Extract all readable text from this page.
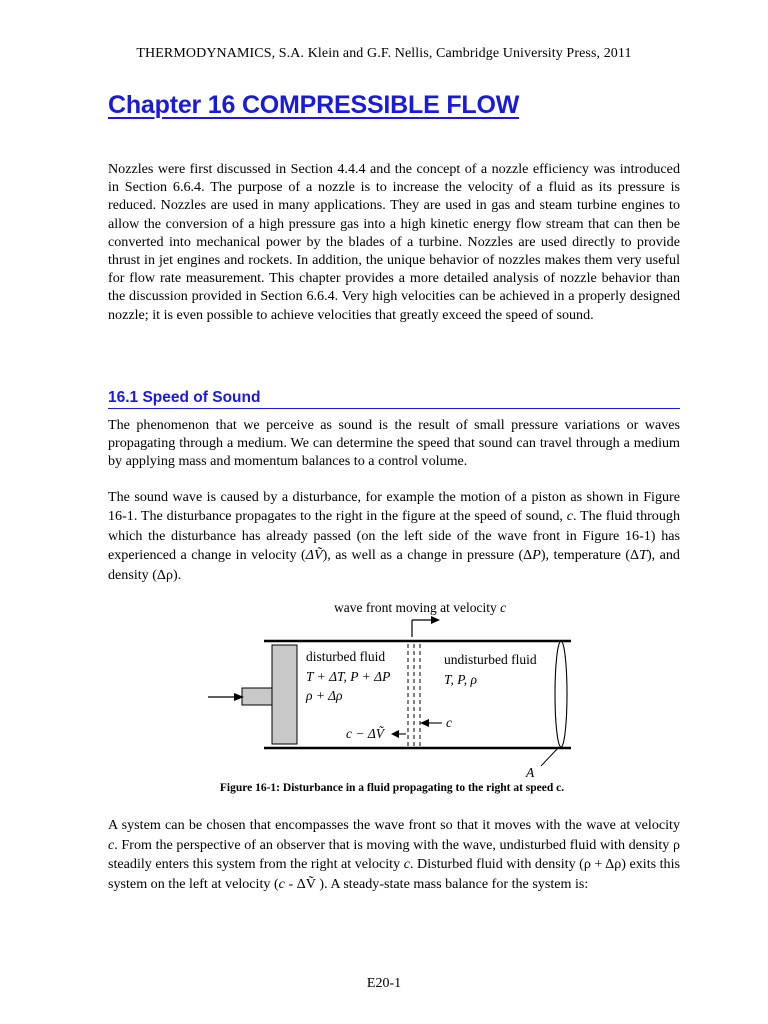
THERMODYNAMICS, S.A. Klein and G.F. Nellis, Cambridge University Press, 2011
Chapter 16 COMPRESSIBLE FLOW

Nozzles were first discussed in Section 4.4.4 and the concept of a nozzle efficiency was introduced in Section 6.6.4. The purpose of a nozzle is to increase the velocity of a fluid as its pressure is reduced. Nozzles are used in many applications. They are used in gas and steam turbine engines to allow the conversion of a high pressure gas into a high kinetic energy flow stream that can then be converted into mechanical power by the blades of a turbine. Nozzles are used directly to provide thrust in jet engines and rockets. In addition, the unique behavior of nozzles makes them very useful for flow rate measurement. This chapter provides a more detailed analysis of nozzle behavior than the discussion provided in Section 6.6.4. Very high velocities can be achieved in a properly designed nozzle; it is even possible to achieve velocities that greatly exceed the speed of sound.

16.1 Speed of Sound

The phenomenon that we perceive as sound is the result of small pressure variations or waves propagating through a medium. We can determine the speed that sound can travel through a medium by applying mass and momentum balances to a control volume.

The sound wave is caused by a disturbance, for example the motion of a piston as shown in Figure 16-1. The disturbance propagates to the right in the figure at the speed of sound, c. The fluid through which the disturbance has already passed (on the left side of the wave front in Figure 16-1) has experienced a change in velocity (ΔṼ), as well as a change in pressure (ΔP), temperature (ΔT), and density (Δρ).

wave front moving at velocity c
disturbed fluid
T + ΔT, P + ΔP
ρ + Δρ
undisturbed fluid
T, P, ρ
c
c − ΔṼ
A
Figure 16-1: Disturbance in a fluid propagating to the right at speed c.

A system can be chosen that encompasses the wave front so that it moves with the wave at velocity c. From the perspective of an observer that is moving with the wave, undisturbed fluid with density ρ steadily enters this system from the right at velocity c. Disturbed fluid with density (ρ + Δρ) exits this system on the left at velocity (c - ΔṼ ). A steady-state mass balance for the system is:

E20-1
